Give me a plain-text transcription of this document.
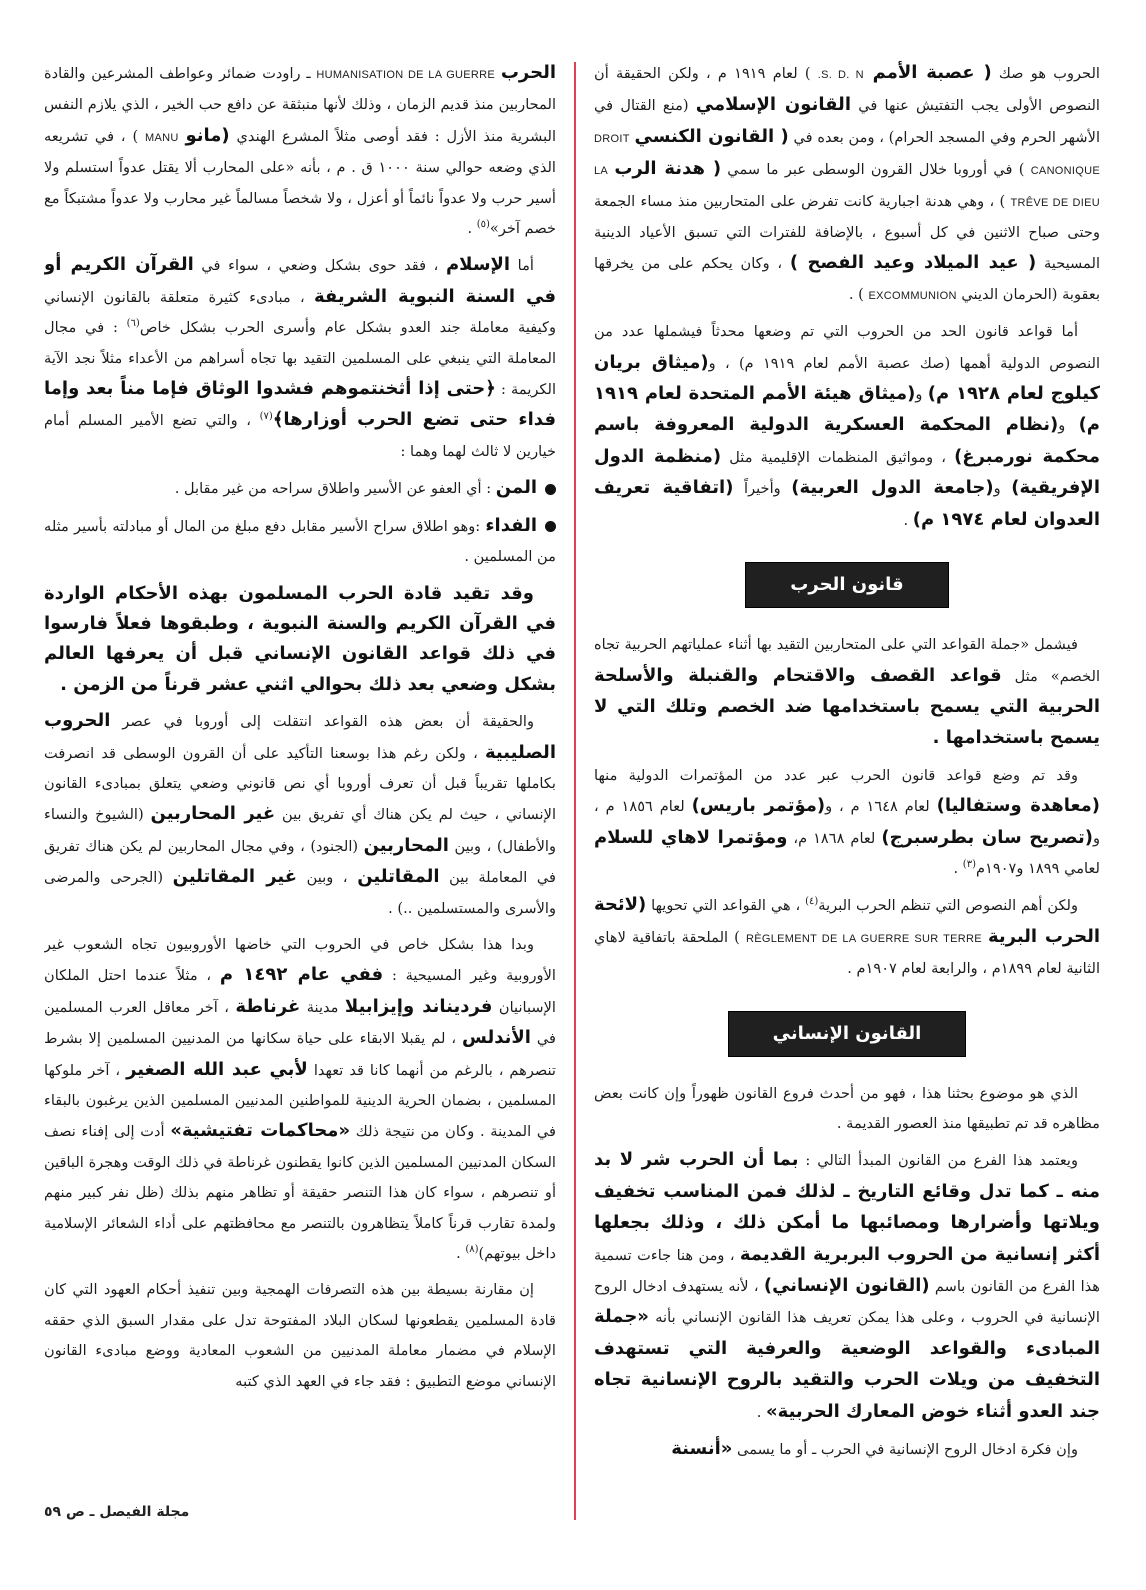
الحروب هو صك ( عصبة الأمم S. D. N. ) لعام ١٩١٩ م ، ولكن الحقيقة أن النصوص الأولى يجب التفتيش عنها في القانون الإسلامي (منع القتال في الأشهر الحرم وفي المسجد الحرام) ، ومن بعده في ( القانون الكنسي DROIT CANONIQUE ) في أوروبا خلال القرون الوسطى عبر ما سمي ( هدنة الرب LA TRÊVE DE DIEU ) ، وهي هدنة اجبارية كانت تفرض على المتحاربين منذ مساء الجمعة وحتى صباح الاثنين في كل أسبوع ، بالإضافة للفترات التي تسبق الأعياد الدينية المسيحية ( عيد الميلاد وعيد الفصح ) ، وكان يحكم على من يخرقها بعقوبة (الحرمان الديني EXCOMMUNION ) .

أما قواعد قانون الحد من الحروب التي تم وضعها محدثاً فيشملها عدد من النصوص الدولية أهمها (صك عصبة الأمم لعام ١٩١٩ م) ، و(ميثاق بريان كيلوج لعام ١٩٢٨ م) و(ميثاق هيئة الأمم المتحدة لعام ١٩١٩ م) و(نظام المحكمة العسكرية الدولية المعروفة باسم محكمة نورمبرغ) ، ومواثيق المنظمات الإقليمية مثل (منظمة الدول الإفريقية) و(جامعة الدول العربية) وأخيراً (اتفاقية تعريف العدوان لعام ١٩٧٤ م) .

قانون الحرب

فيشمل «جملة القواعد التي على المتحاربين التقيد بها أثناء عملياتهم الحربية تجاه الخصم» مثل قواعد القصف والاقتحام والقنبلة والأسلحة الحربية التي يسمح باستخدامها ضد الخصم وتلك التي لا يسمح باستخدامها .

وقد تم وضع قواعد قانون الحرب عبر عدد من المؤتمرات الدولية منها (معاهدة وستفاليا) لعام ١٦٤٨ م ، و(مؤتمر باريس) لعام ١٨٥٦ م ، و(تصريح سان بطرسبرج) لعام ١٨٦٨ م، ومؤتمرا لاهاي للسلام لعامي ١٨٩٩ و١٩٠٧م$^{(٣)}$ .

ولكن أهم النصوص التي تنظم الحرب البرية$^{(٤)}$ ، هي القواعد التي تحويها (لائحة الحرب البرية RÈGLEMENT DE LA GUERRE SUR TERRE ) الملحقة باتفاقية لاهاي الثانية لعام ١٨٩٩م ، والرابعة لعام ١٩٠٧م .

القانون الإنساني

الذي هو موضوع بحثنا هذا ، فهو من أحدث فروع القانون ظهوراً وإن كانت بعض مظاهره قد تم تطبيقها منذ العصور القديمة .

ويعتمد هذا الفرع من القانون المبدأ التالي : بما أن الحرب شر لا بد منه ـ كما تدل وقائع التاريخ ـ لذلك فمن المناسب تخفيف ويلاتها وأضرارها ومصائبها ما أمكن ذلك ، وذلك بجعلها أكثر إنسانية من الحروب البربرية القديمة ، ومن هنا جاءت تسمية هذا الفرع من القانون باسم (القانون الإنساني) ، لأنه يستهدف ادخال الروح الإنسانية في الحروب ، وعلى هذا يمكن تعريف هذا القانون الإنساني بأنه «جملة المبادىء والقواعد الوضعية والعرفية التي تستهدف التخفيف من ويلات الحرب والتقيد بالروح الإنسانية تجاه جند العدو أثناء خوض المعارك الحربية» .

وإن فكرة ادخال الروح الإنسانية في الحرب ـ أو ما يسمى «أنسنة

الحرب HUMANISATION DE LA GUERRE ـ راودت ضمائر وعواطف المشرعين والقادة المحاربين منذ قديم الزمان ، وذلك لأنها منبثقة عن دافع حب الخير ، الذي يلازم النفس البشرية منذ الأزل : فقد أوصى مثلاً المشرع الهندي (مانو MANU ) ، في تشريعه الذي وضعه حوالي سنة ١٠٠٠ ق . م ، بأنه «على المحارب ألا يقتل عدواً استسلم ولا أسير حرب ولا عدواً نائماً أو أعزل ، ولا شخصاً مسالماً غير محارب ولا عدواً مشتبكاً مع خصم آخر»$^{(٥)}$ .

أما الإسلام ، فقد حوى بشكل وضعي ، سواء في القرآن الكريم أو في السنة النبوية الشريفة ، مبادىء كثيرة متعلقة بالقانون الإنساني وكيفية معاملة جند العدو بشكل عام وأسرى الحرب بشكل خاص$^{(٦)}$ : في مجال المعاملة التي ينبغي على المسلمين التقيد بها تجاه أسراهم من الأعداء مثلاً نجد الآية الكريمة : ﴿حتى إذا أثخنتموهم فشدوا الوثاق فإما مناً بعد وإما فداء حتى تضع الحرب أوزارها﴾$^{(٧)}$ ، والتي تضع الأمير المسلم أمام خيارين لا ثالث لهما وهما :

المن : أي العفو عن الأسير واطلاق سراحه من غير مقابل .

الفداء :وهو اطلاق سراح الأسير مقابل دفع مبلغ من المال أو مبادلته بأسير مثله من المسلمين .

وقد تقيد قادة الحرب المسلمون بهذه الأحكام الواردة في القرآن الكريم والسنة النبوية ، وطبقوها فعلاً فارسوا في ذلك قواعد القانون الإنساني قبل أن يعرفها العالم بشكل وضعي بعد ذلك بحوالي اثني عشر قرناً من الزمن .

والحقيقة أن بعض هذه القواعد انتقلت إلى أوروبا في عصر الحروب الصليبية ، ولكن رغم هذا بوسعنا التأكيد على أن القرون الوسطى قد انصرفت بكاملها تقريباً قبل أن تعرف أوروبا أي نص قانوني وضعي يتعلق بمبادىء القانون الإنساني ، حيث لم يكن هناك أي تفريق بين غير المحاربين (الشيوخ والنساء والأطفال) ، وبين المحاربين (الجنود) ، وفي مجال المحاربين لم يكن هناك تفريق في المعاملة بين المقاتلين ، وبين غير المقاتلين (الجرحى والمرضى والأسرى والمستسلمين ..) .

وبدا هذا بشكل خاص في الحروب التي خاضها الأوروبيون تجاه الشعوب غير الأوروبية وغير المسيحية : ففي عام ١٤٩٢ م ، مثلاً عندما احتل الملكان الإسبانيان فرديناند وإيزابيلا مدينة غرناطة ، آخر معاقل العرب المسلمين في الأندلس ، لم يقبلا الابقاء على حياة سكانها من المدنيين المسلمين إلا بشرط تنصرهم ، بالرغم من أنهما كانا قد تعهدا لأبي عبد الله الصغير ، آخر ملوكها المسلمين ، بضمان الحرية الدينية للمواطنين المدنيين المسلمين الذين يرغبون بالبقاء في المدينة . وكان من نتيجة ذلك «محاكمات تفتيشية» أدت إلى إفناء نصف السكان المدنيين المسلمين الذين كانوا يقطنون غرناطة في ذلك الوقت وهجرة الباقين أو تنصرهم ، سواء كان هذا التنصر حقيقة أو تظاهر منهم بذلك (ظل نفر كبير منهم ولمدة تقارب قرناً كاملاً يتظاهرون بالتنصر مع محافظتهم على أداء الشعائر الإسلامية داخل بيوتهم)$^{(٨)}$ .

إن مقارنة بسيطة بين هذه التصرفات الهمجية وبين تنفيذ أحكام العهود التي كان قادة المسلمين يقطعونها لسكان البلاد المفتوحة تدل على مقدار السبق الذي حققه الإسلام في مضمار معاملة المدنيين من الشعوب المعادية ووضع مبادىء القانون الإنساني موضع التطبيق : فقد جاء في العهد الذي كتبه

مجلة الفيصل ـ ص ٥٩
